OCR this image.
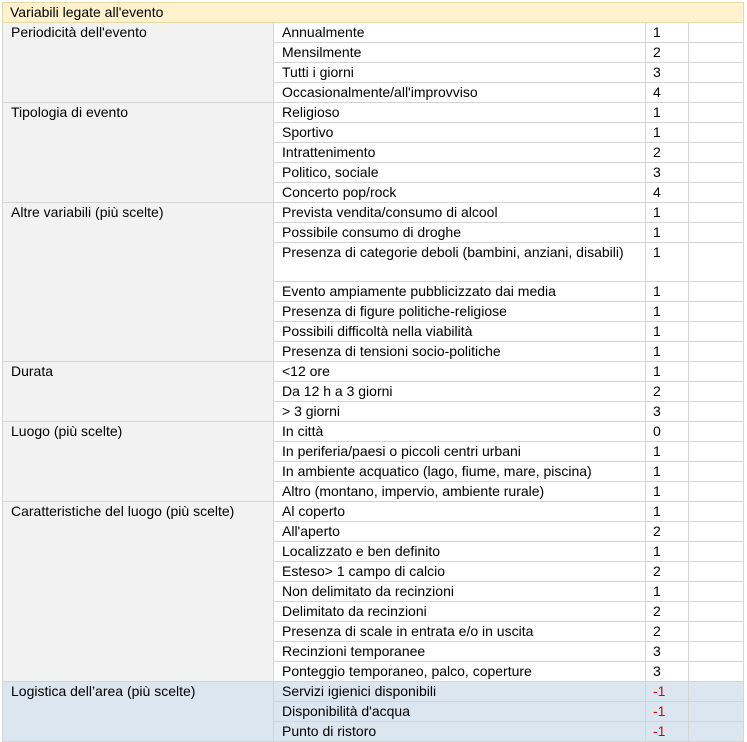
Variabili legate all'evento			
Periodicità dell'evento	Annualmente	1	
	Mensilmente	2	
	Tutti i giorni	3	
	Occasionalmente/all'improvviso	4	
Tipologia di evento	Religioso	1	
	Sportivo	1	
	Intrattenimento	2	
	Politico, sociale	3	
	Concerto pop/rock	4	
Altre variabili (più scelte)	Prevista vendita/consumo di alcool	1	
	Possibile consumo di droghe	1	
	Presenza di categorie deboli (bambini, anziani, disabili)	1	
	Evento ampiamente pubblicizzato dai media	1	
	Presenza di figure politiche-religiose	1	
	Possibili difficoltà nella viabilità	1	
	Presenza di tensioni socio-politiche	1	
Durata	<12 ore	1	
	Da 12 h a 3 giorni	2	
	> 3 giorni	3	
Luogo (più scelte)	In città	0	
	In periferia/paesi o piccoli centri urbani	1	
	In ambiente acquatico (lago, fiume, mare, piscina)	1	
	Altro (montano, impervio, ambiente rurale)	1	
Caratteristiche del luogo (più scelte)	Al coperto	1	
	All'aperto	2	
	Localizzato e ben definito	1	
	Esteso> 1 campo di calcio	2	
	Non delimitato da recinzioni	1	
	Delimitato da recinzioni	2	
	Presenza di scale in entrata e/o in uscita	2	
	Recinzioni temporanee	3	
	Ponteggio temporaneo, palco, coperture	3	
Logistica dell’area (più scelte)	Servizi igienici disponibili	-1	
	Disponibilità d'acqua	-1	
	Punto di ristoro	-1	
